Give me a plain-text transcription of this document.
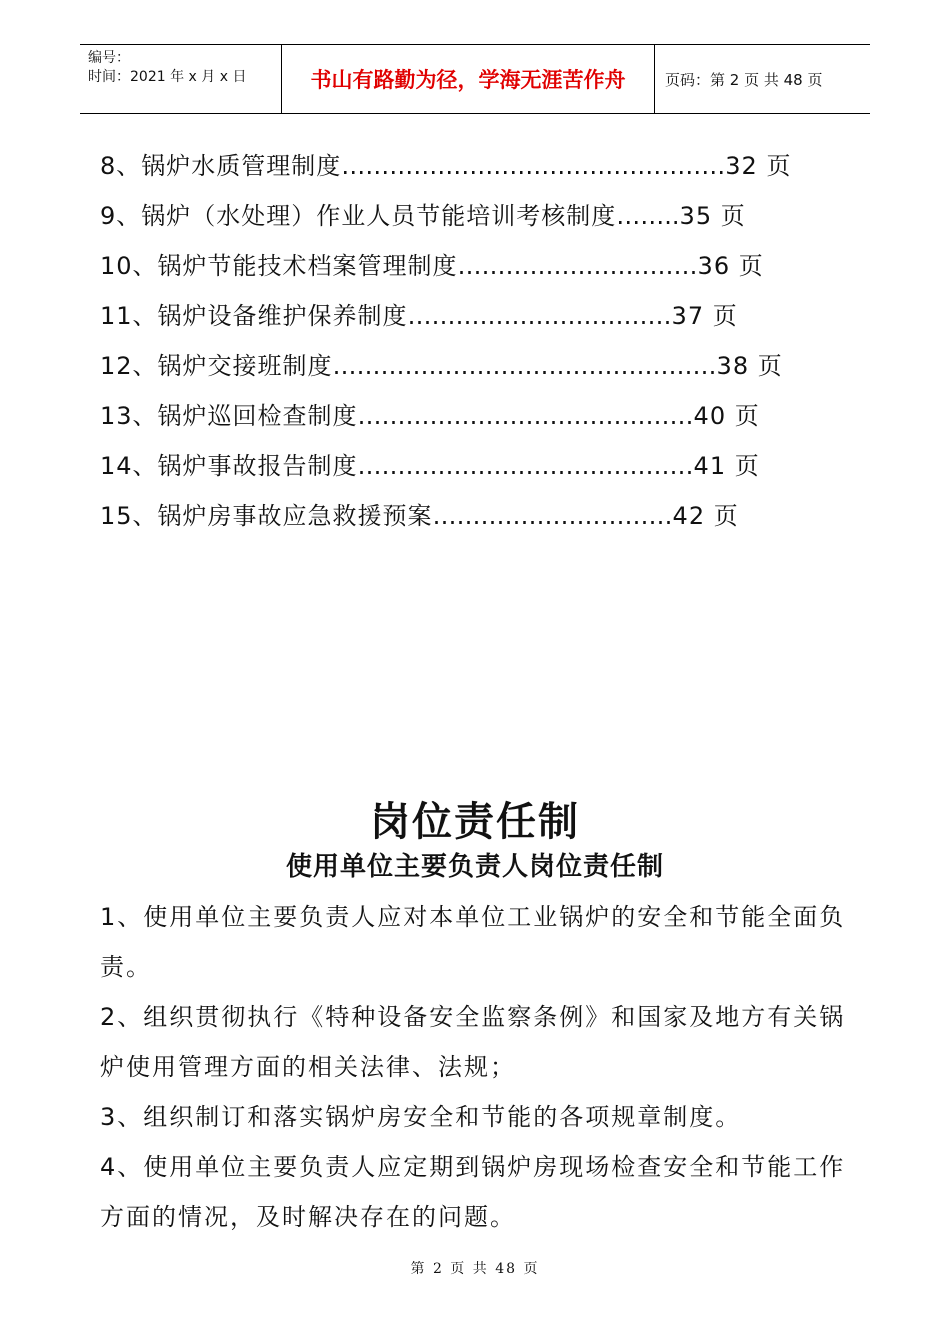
编号：
时间：2021 年 x 月 x 日	书山有路勤为径，学海无涯苦作舟	页码：第 2 页 共 48 页
8、锅炉水质管理制度…………………………………………32 页
9、锅炉（水处理）作业人员节能培训考核制度……..35 页
10、锅炉节能技术档案管理制度…………………………36 页
11、锅炉设备维护保养制度……………………………37 页
12、锅炉交接班制度…………………………………………38 页
13、锅炉巡回检查制度……………………………………40 页
14、锅炉事故报告制度……………………………………41 页
15、锅炉房事故应急救援预案…………………………42 页
岗位责任制
使用单位主要负责人岗位责任制
1、使用单位主要负责人应对本单位工业锅炉的安全和节能全面负责。
2、组织贯彻执行《特种设备安全监察条例》和国家及地方有关锅炉使用管理方面的相关法律、法规；
3、组织制订和落实锅炉房安全和节能的各项规章制度。
4、使用单位主要负责人应定期到锅炉房现场检查安全和节能工作方面的情况，及时解决存在的问题。
第 2 页 共 48 页
